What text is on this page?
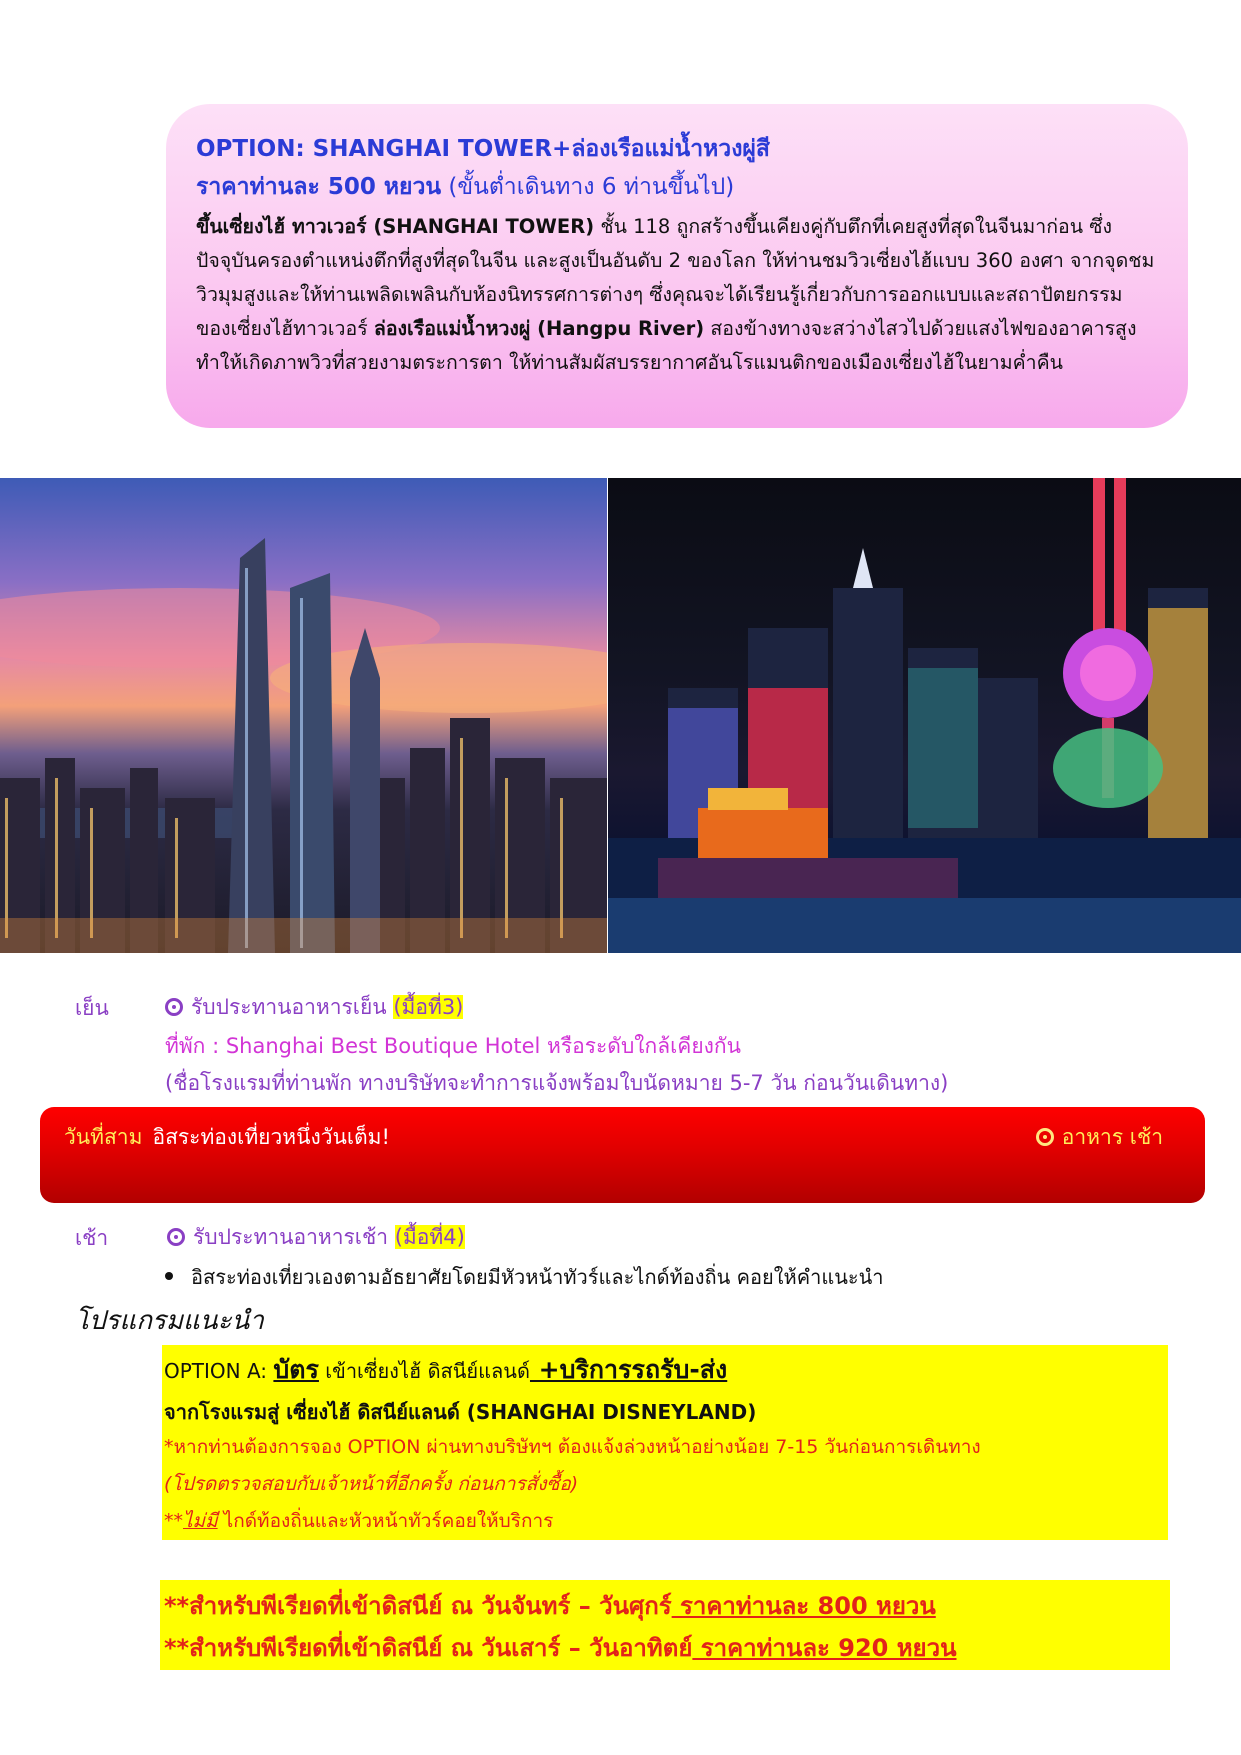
OPTION: SHANGHAI TOWER+ล่องเรือแม่น้ำหวงผู่สี
ราคาท่านละ 500 หยวน (ขั้นต่ำเดินทาง 6 ท่านขึ้นไป)
ขึ้นเซี่ยงไฮ้ ทาวเวอร์ (SHANGHAI TOWER) ชั้น 118 ถูกสร้างขึ้นเคียงคู่กับตึกที่เคยสูงที่สุดในจีนมาก่อน ซึ่งปัจจุบันครองตำแหน่งตึกที่สูงที่สุดในจีน และสูงเป็นอันดับ 2 ของโลก ให้ท่านชมวิวเซี่ยงไฮ้แบบ 360 องศา จากจุดชมวิวมุมสูงและให้ท่านเพลิดเพลินกับห้องนิทรรศการต่างๆ ซึ่งคุณจะได้เรียนรู้เกี่ยวกับการออกแบบและสถาปัตยกรรมของเซี่ยงไฮ้ทาวเวอร์ ล่องเรือแม่น้ำหวงผู่ (Hangpu River) สองข้างทางจะสว่างไสวไปด้วยแสงไฟของอาคารสูง ทำให้เกิดภาพวิวที่สวยงามตระการตา ให้ท่านสัมผัสบรรยากาศอันโรแมนติกของเมืองเซี่ยงไฮ้ในยามค่ำคืน
เย็น	รับประทานอาหารเย็น (มื้อที่3)
ที่พัก : Shanghai Best Boutique Hotel หรือระดับใกล้เคียงกัน
(ชื่อโรงแรมที่ท่านพัก ทางบริษัทจะทำการแจ้งพร้อมใบนัดหมาย 5-7 วัน ก่อนวันเดินทาง)
วันที่สาม อิสระท่องเที่ยวหนึ่งวันเต็ม!	อาหาร เช้า
เช้า	รับประทานอาหารเช้า (มื้อที่4)
อิสระท่องเที่ยวเองตามอัธยาศัยโดยมีหัวหน้าทัวร์และไกด์ท้องถิ่น คอยให้คำแนะนำ
โปรแกรมแนะนำ
OPTION A: บัตร เข้าเซี่ยงไฮ้ ดิสนีย์แลนด์ +บริการรถรับ-ส่ง
จากโรงแรมสู่ เซี่ยงไฮ้ ดิสนีย์แลนด์ (SHANGHAI DISNEYLAND)
*หากท่านต้องการจอง OPTION ผ่านทางบริษัทฯ ต้องแจ้งล่วงหน้าอย่างน้อย 7-15 วันก่อนการเดินทาง
(โปรดตรวจสอบกับเจ้าหน้าที่อีกครั้ง ก่อนการสั่งซื้อ)
**ไม่มี ไกด์ท้องถิ่นและหัวหน้าทัวร์คอยให้บริการ
**สำหรับพีเรียดที่เข้าดิสนีย์ ณ วันจันทร์ – วันศุกร์ ราคาท่านละ 800 หยวน
**สำหรับพีเรียดที่เข้าดิสนีย์ ณ วันเสาร์ – วันอาทิตย์ ราคาท่านละ 920 หยวน
